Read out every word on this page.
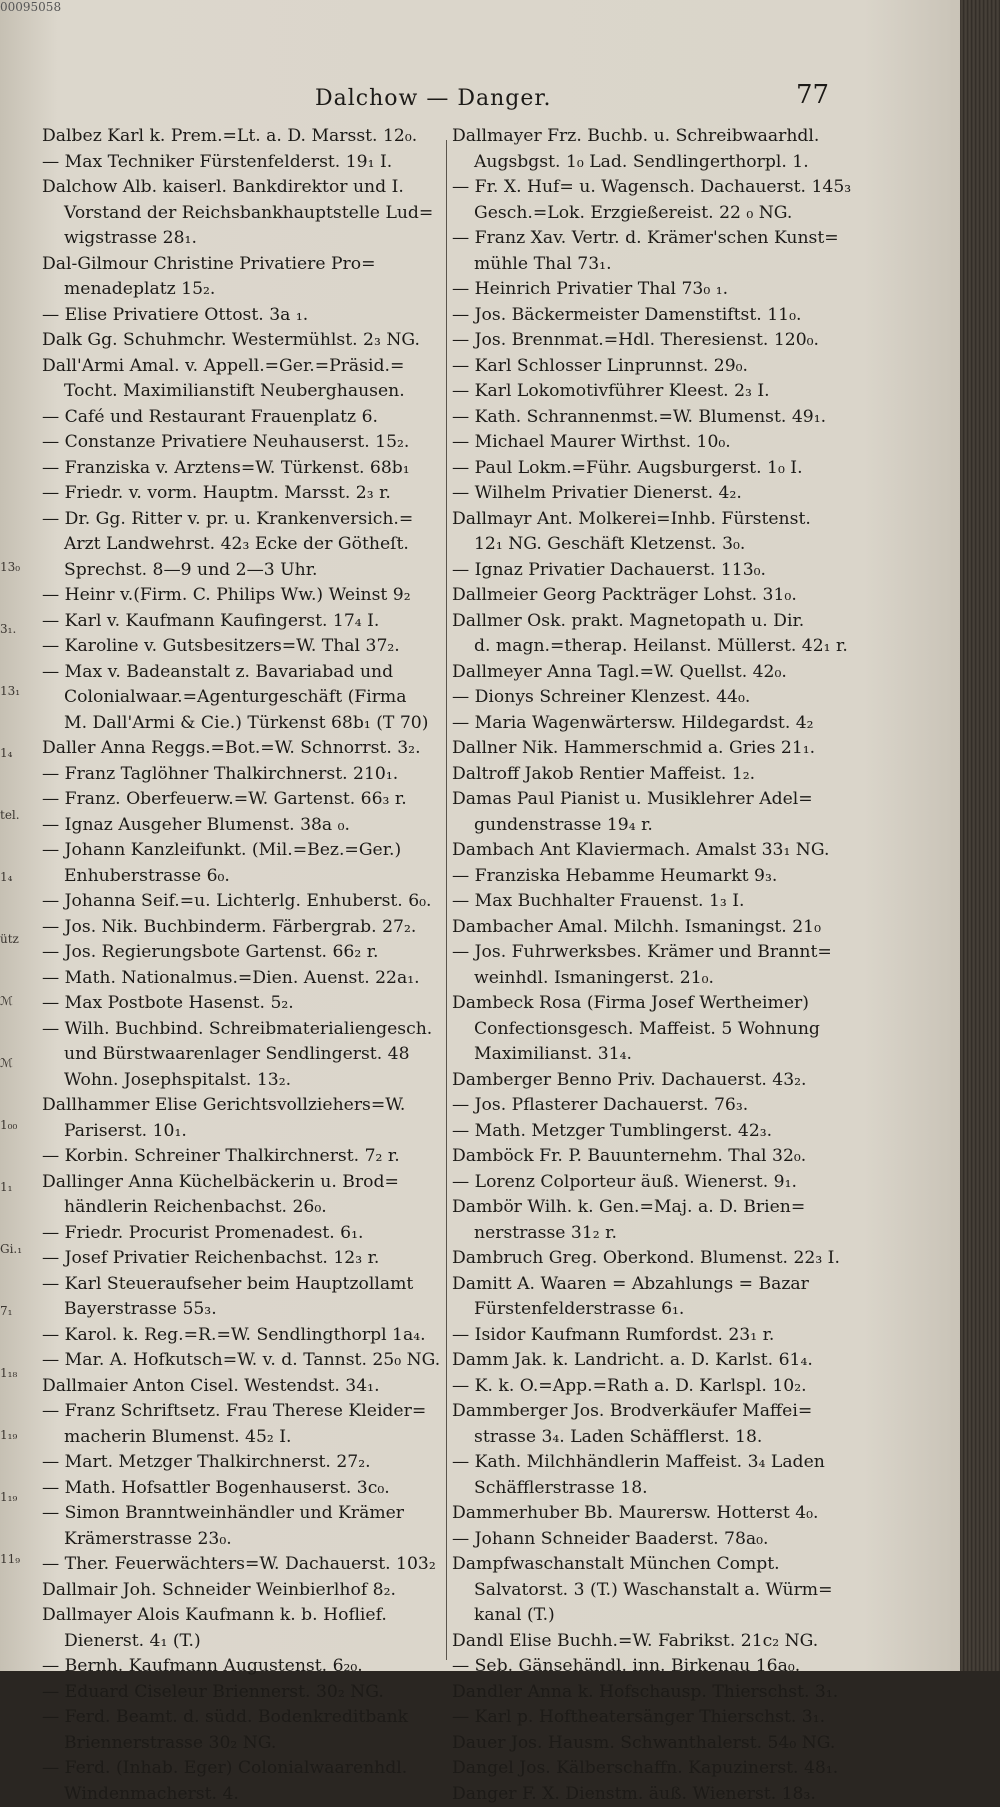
00095058
13₀
3₁.
13₁
1₄
tel.
1₄
ütz
ℳ
ℳ
1₀₀
1₁
Gi.₁
7₁
1₁₈
1₁₉
1₁₉
11₉
Dalchow — Danger.	77
Dalbez Karl k. Prem.=Lt. a. D. Marsst. 12₀.
— Max Techniker Fürstenfelderst. 19₁ I.
Dalchow Alb. kaiserl. Bankdirektor und I.
Vorstand der Reichsbankhauptstelle Lud=
wigstrasse 28₁.
Dal-Gilmour Christine Privatiere Pro=
menadeplatz 15₂.
— Elise Privatiere Ottost. 3a ₁.
Dalk Gg. Schuhmchr. Westermühlst. 2₃ NG.
Dall'Armi Amal. v. Appell.=Ger.=Präsid.=
Tocht. Maximilianstift Neuberghausen.
— Café und Restaurant Frauenplatz 6.
— Constanze Privatiere Neuhauserst. 15₂.
— Franziska v. Arztens=W. Türkenst. 68b₁
— Friedr. v. vorm. Hauptm. Marsst. 2₃ r.
— Dr. Gg. Ritter v. pr. u. Krankenversich.=
Arzt Landwehrst. 42₃ Ecke der Götheſt.
Sprechst. 8—9 und 2—3 Uhr.
— Heinr v.(Firm. C. Philips Ww.) Weinst 9₂
— Karl v. Kaufmann Kaufingerst. 17₄ I.
— Karoline v. Gutsbesitzers=W. Thal 37₂.
— Max v. Badeanstalt z. Bavariabad und
Colonialwaar.=Agenturgeschäft (Firma
M. Dall'Armi & Cie.) Türkenst 68b₁ (T 70)
Daller Anna Reggs.=Bot.=W. Schnorrst. 3₂.
— Franz Taglöhner Thalkirchnerst. 210₁.
— Franz. Oberfeuerw.=W. Gartenst. 66₃ r.
— Ignaz Ausgeher Blumenst. 38a ₀.
— Johann Kanzleifunkt. (Mil.=Bez.=Ger.)
Enhuberstrasse 6₀.
— Johanna Seif.=u. Lichterlg. Enhuberst. 6₀.
— Jos. Nik. Buchbinderm. Färbergrab. 27₂.
— Jos. Regierungsbote Gartenst. 66₂ r.
— Math. Nationalmus.=Dien. Auenst. 22a₁.
— Max Postbote Hasenst. 5₂.
— Wilh. Buchbind. Schreibmaterialiengesch.
und Bürstwaarenlager Sendlingerst. 48
Wohn. Josephspitalst. 13₂.
Dallhammer Elise Gerichtsvollziehers=W.
Pariserst. 10₁.
— Korbin. Schreiner Thalkirchnerst. 7₂ r.
Dallinger Anna Küchelbäckerin u. Brod=
händlerin Reichenbachst. 26₀.
— Friedr. Procurist Promenadest. 6₁.
— Josef Privatier Reichenbachst. 12₃ r.
— Karl Steueraufseher beim Hauptzollamt
Bayerstrasse 55₃.
— Karol. k. Reg.=R.=W. Sendlingthorpl 1a₄.
— Mar. A. Hofkutsch=W. v. d. Tannst. 25₀ NG.
Dallmaier Anton Cisel. Westendst. 34₁.
— Franz Schriftsetz. Frau Therese Kleider=
macherin Blumenst. 45₂ I.
— Mart. Metzger Thalkirchnerst. 27₂.
— Math. Hofsattler Bogenhauserst. 3c₀.
— Simon Branntweinhändler und Krämer
Krämerstrasse 23₀.
— Ther. Feuerwächters=W. Dachauerst. 103₂
Dallmair Joh. Schneider Weinbierlhof 8₂.
Dallmayer Alois Kaufmann k. b. Hoflief.
Dienerst. 4₁ (T.)
— Bernh. Kaufmann Augustenst. 6₂₀.
— Eduard Ciseleur Briennerst. 30₂ NG.
— Ferd. Beamt. d. südd. Bodenkreditbank
Briennerstrasse 30₂ NG.
— Ferd. (Inhab. Eger) Colonialwaarenhdl.
Windenmacherst. 4.
Dallmayer Frz. Buchb. u. Schreibwaarhdl.
Augsbgst. 1₀ Lad. Sendlingerthorpl. 1.
— Fr. X. Huf= u. Wagensch. Dachauerst. 145₃
Gesch.=Lok. Erzgießereist. 22 ₀ NG.
— Franz Xav. Vertr. d. Krämer'schen Kunst=
mühle Thal 73₁.
— Heinrich Privatier Thal 73₀ ₁.
— Jos. Bäckermeister Damenstiftst. 11₀.
— Jos. Brennmat.=Hdl. Theresienst. 120₀.
— Karl Schlosser Linprunnst. 29₀.
— Karl Lokomotivführer Kleest. 2₃ I.
— Kath. Schrannenmst.=W. Blumenst. 49₁.
— Michael Maurer Wirthst. 10₀.
— Paul Lokm.=Führ. Augsburgerst. 1₀ I.
— Wilhelm Privatier Dienerst. 4₂.
Dallmayr Ant. Molkerei=Inhb. Fürstenst.
12₁ NG. Geschäft Kletzenst. 3₀.
— Ignaz Privatier Dachauerst. 113₀.
Dallmeier Georg Packträger Lohst. 31₀.
Dallmer Osk. prakt. Magnetopath u. Dir.
d. magn.=therap. Heilanst. Müllerst. 42₁ r.
Dallmeyer Anna Tagl.=W. Quellst. 42₀.
— Dionys Schreiner Klenzest. 44₀.
— Maria Wagenwärtersw. Hildegardst. 4₂
Dallner Nik. Hammerschmid a. Gries 21₁.
Daltroff Jakob Rentier Maffeist. 1₂.
Damas Paul Pianist u. Musiklehrer Adel=
gundenstrasse 19₄ r.
Dambach Ant Klaviermach. Amalst 33₁ NG.
— Franziska Hebamme Heumarkt 9₃.
— Max Buchhalter Frauenst. 1₃ I.
Dambacher Amal. Milchh. Ismaningst. 21₀
— Jos. Fuhrwerksbes. Krämer und Brannt=
weinhdl. Ismaningerst. 21₀.
Dambeck Rosa (Firma Josef Wertheimer)
Confectionsgesch. Maffeist. 5 Wohnung
Maximilianst. 31₄.
Damberger Benno Priv. Dachauerst. 43₂.
— Jos. Pflasterer Dachauerst. 76₃.
— Math. Metzger Tumblingerst. 42₃.
Damböck Fr. P. Bauunternehm. Thal 32₀.
— Lorenz Colporteur äuß. Wienerst. 9₁.
Dambör Wilh. k. Gen.=Maj. a. D. Brien=
nerstrasse 31₂ r.
Dambruch Greg. Oberkond. Blumenst. 22₃ I.
Damitt A. Waaren = Abzahlungs = Bazar
Fürstenfelderstrasse 6₁.
— Isidor Kaufmann Rumfordst. 23₁ r.
Damm Jak. k. Landricht. a. D. Karlst. 61₄.
— K. k. O.=App.=Rath a. D. Karlspl. 10₂.
Dammberger Jos. Brodverkäufer Maffei=
strasse 3₄. Laden Schäfflerst. 18.
— Kath. Milchhändlerin Maffeist. 3₄ Laden
Schäfflerstrasse 18.
Dammerhuber Bb. Maurersw. Hotterst 4₀.
— Johann Schneider Baaderst. 78a₀.
Dampfwaschanstalt München Compt.
Salvatorst. 3 (T.) Waschanstalt a. Würm=
kanal (T.)
Dandl Elise Buchh.=W. Fabrikst. 21c₂ NG.
— Seb. Gänsehändl. inn. Birkenau 16a₀.
Dandler Anna k. Hofschausp. Thierschst. 3₁.
— Karl p. Hoftheatersänger Thierschst. 3₁.
Dauer Jos. Hausm. Schwanthalerst. 54₀ NG.
Dangel Jos. Kälberschaffn. Kapuzinerst. 48₁.
Danger F. X. Dienstm. äuß. Wienerst. 18₃.
